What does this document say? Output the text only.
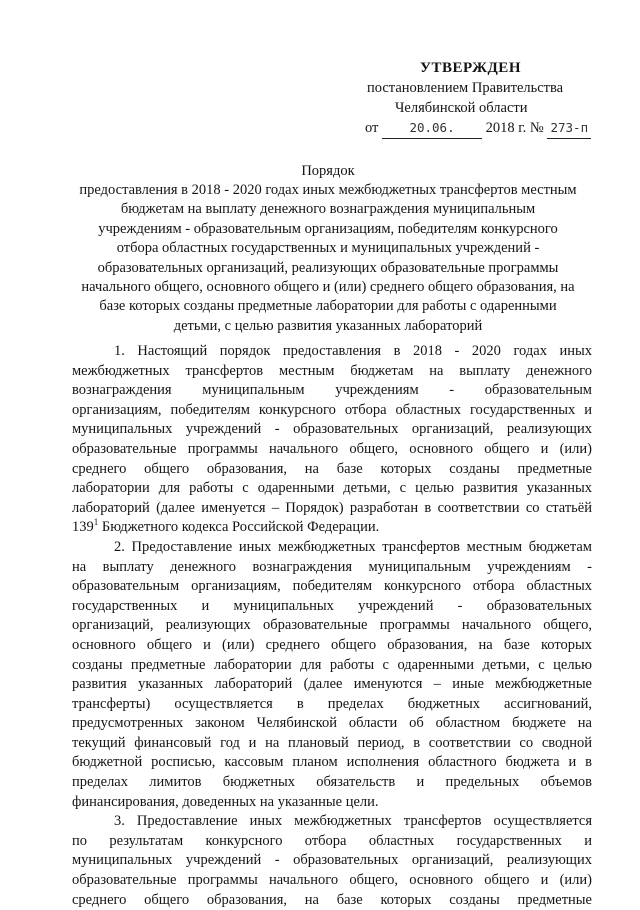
УТВЕРЖДЕН
постановлением Правительства
Челябинской области
от 20.06. 2018 г. № 273-п
Порядок
предоставления в 2018 - 2020 годах иных межбюджетных трансфертов местным
бюджетам на выплату денежного вознаграждения муниципальным
учреждениям - образовательным организациям, победителям конкурсного
отбора областных государственных и муниципальных учреждений -
образовательных организаций, реализующих образовательные программы
начального общего, основного общего и (или) среднего общего образования, на
базе которых созданы предметные лаборатории для работы с одаренными
детьми, с целью развития указанных лабораторий
1. Настоящий порядок предоставления в 2018 - 2020 годах иных
межбюджетных трансфертов местным бюджетам на выплату денежного
вознаграждения муниципальным учреждениям - образовательным
организациям, победителям конкурсного отбора областных государственных и
муниципальных учреждений - образовательных организаций, реализующих
образовательные программы начального общего, основного общего и (или)
среднего общего образования, на базе которых созданы предметные
лаборатории для работы с одаренными детьми, с целью развития указанных
лабораторий (далее именуется – Порядок) разработан в соответствии со статьёй
$139^1$ Бюджетного кодекса Российской Федерации.
2. Предоставление иных межбюджетных трансфертов местным бюджетам
на выплату денежного вознаграждения муниципальным учреждениям -
образовательным организациям, победителям конкурсного отбора областных
государственных и муниципальных учреждений - образовательных
организаций, реализующих образовательные программы начального общего,
основного общего и (или) среднего общего образования, на базе которых
созданы предметные лаборатории для работы с одаренными детьми, с целью
развития указанных лабораторий (далее именуются – иные межбюджетные
трансферты) осуществляется в пределах бюджетных ассигнований,
предусмотренных законом Челябинской области об областном бюджете на
текущий финансовый год и на плановый период, в соответствии со сводной
бюджетной росписью, кассовым планом исполнения областного бюджета и в
пределах лимитов бюджетных обязательств и предельных объемов
финансирования, доведенных на указанные цели.
3. Предоставление иных межбюджетных трансфертов осуществляется
по результатам конкурсного отбора областных государственных и
муниципальных учреждений - образовательных организаций, реализующих
образовательные программы начального общего, основного общего и (или)
среднего общего образования, на базе которых созданы предметные
